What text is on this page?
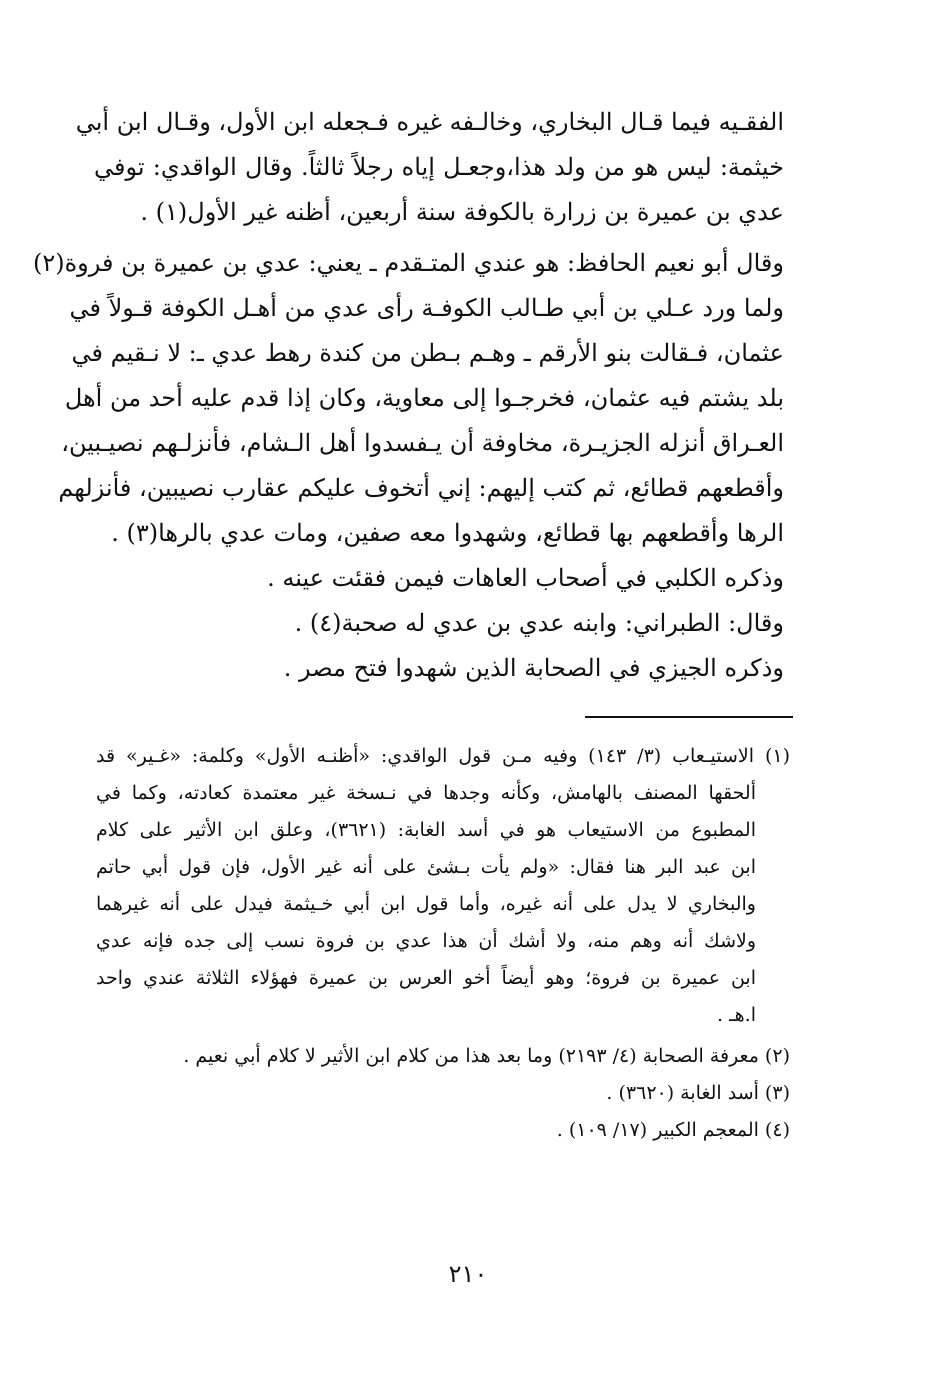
الفقـيه فيما قـال البخاري، وخالـفه غيره فـجعله ابن الأول، وقـال ابن أبي
خيثمة: ليس هو من ولد هذا،وجعـل إياه رجلاً ثالثاً. وقال الواقدي: توفي
عدي بن عميرة بن زرارة بالكوفة سنة أربعين، أظنه غير الأول(١) .
وقال أبو نعيم الحافظ: هو عندي المتـقدم ـ يعني: عدي بن عميرة بن فروة(٢)
ولما ورد عـلي بن أبي طـالب الكوفـة رأى عدي من أهـل الكوفة قـولاً في
عثمان، فـقالت بنو الأرقم ـ وهـم بـطن من كندة رهط عدي ـ: لا نـقيم في
بلد يشتم فيه عثمان، فخرجـوا إلى معاوية، وكان إذا قدم عليه أحد من أهل
العـراق أنزله الجزيـرة، مخاوفة أن يـفسدوا أهل الـشام، فأنزلـهم نصيـبين،
وأقطعهم قطائع، ثم كتب إليهم: إني أتخوف عليكم عقارب نصيبين، فأنزلهم
الرها وأقطعهم بها قطائع، وشهدوا معه صفين، ومات عدي بالرها(٣) .
وذكره الكلبي في أصحاب العاهات فيمن فقئت عينه .
وقال: الطبراني: وابنه عدي بن عدي له صحبة(٤) .
وذكره الجيزي في الصحابة الذين شهدوا فتح مصر .
(١) الاستيـعاب (٣/ ١٤٣) وفيه مـن قول الواقدي: «أظنـه الأول» وكلمة: «غـير» قد
ألحقها المصنف بالهامش، وكأنه وجدها في نـسخة غير معتمدة كعادته، وكما في
المطبوع من الاستيعاب هو في أسد الغابة: (٣٦٢١)، وعلق ابن الأثير على كلام
ابن عبد البر هنا فقال: «ولم يأت بـشئ على أنه غير الأول، فإن قول أبي حاتم
والبخاري لا يدل على أنه غيره، وأما قول ابن أبي خـيثمة فيدل على أنه غيرهما
ولاشك أنه وهم منه، ولا أشك أن هذا عدي بن فروة نسب إلى جده فإنه عدي
ابن عميرة بن فروة؛ وهو أيضاً أخو العرس بن عميرة فهؤلاء الثلاثة عندي واحد
ا.هـ .
(٢) معرفة الصحابة (٤/ ٢١٩٣) وما بعد هذا من كلام ابن الأثير لا كلام أبي نعيم .
(٣) أسد الغابة (٣٦٢٠) .
(٤) المعجم الكبير (١٧/ ١٠٩) .
٢١٠
